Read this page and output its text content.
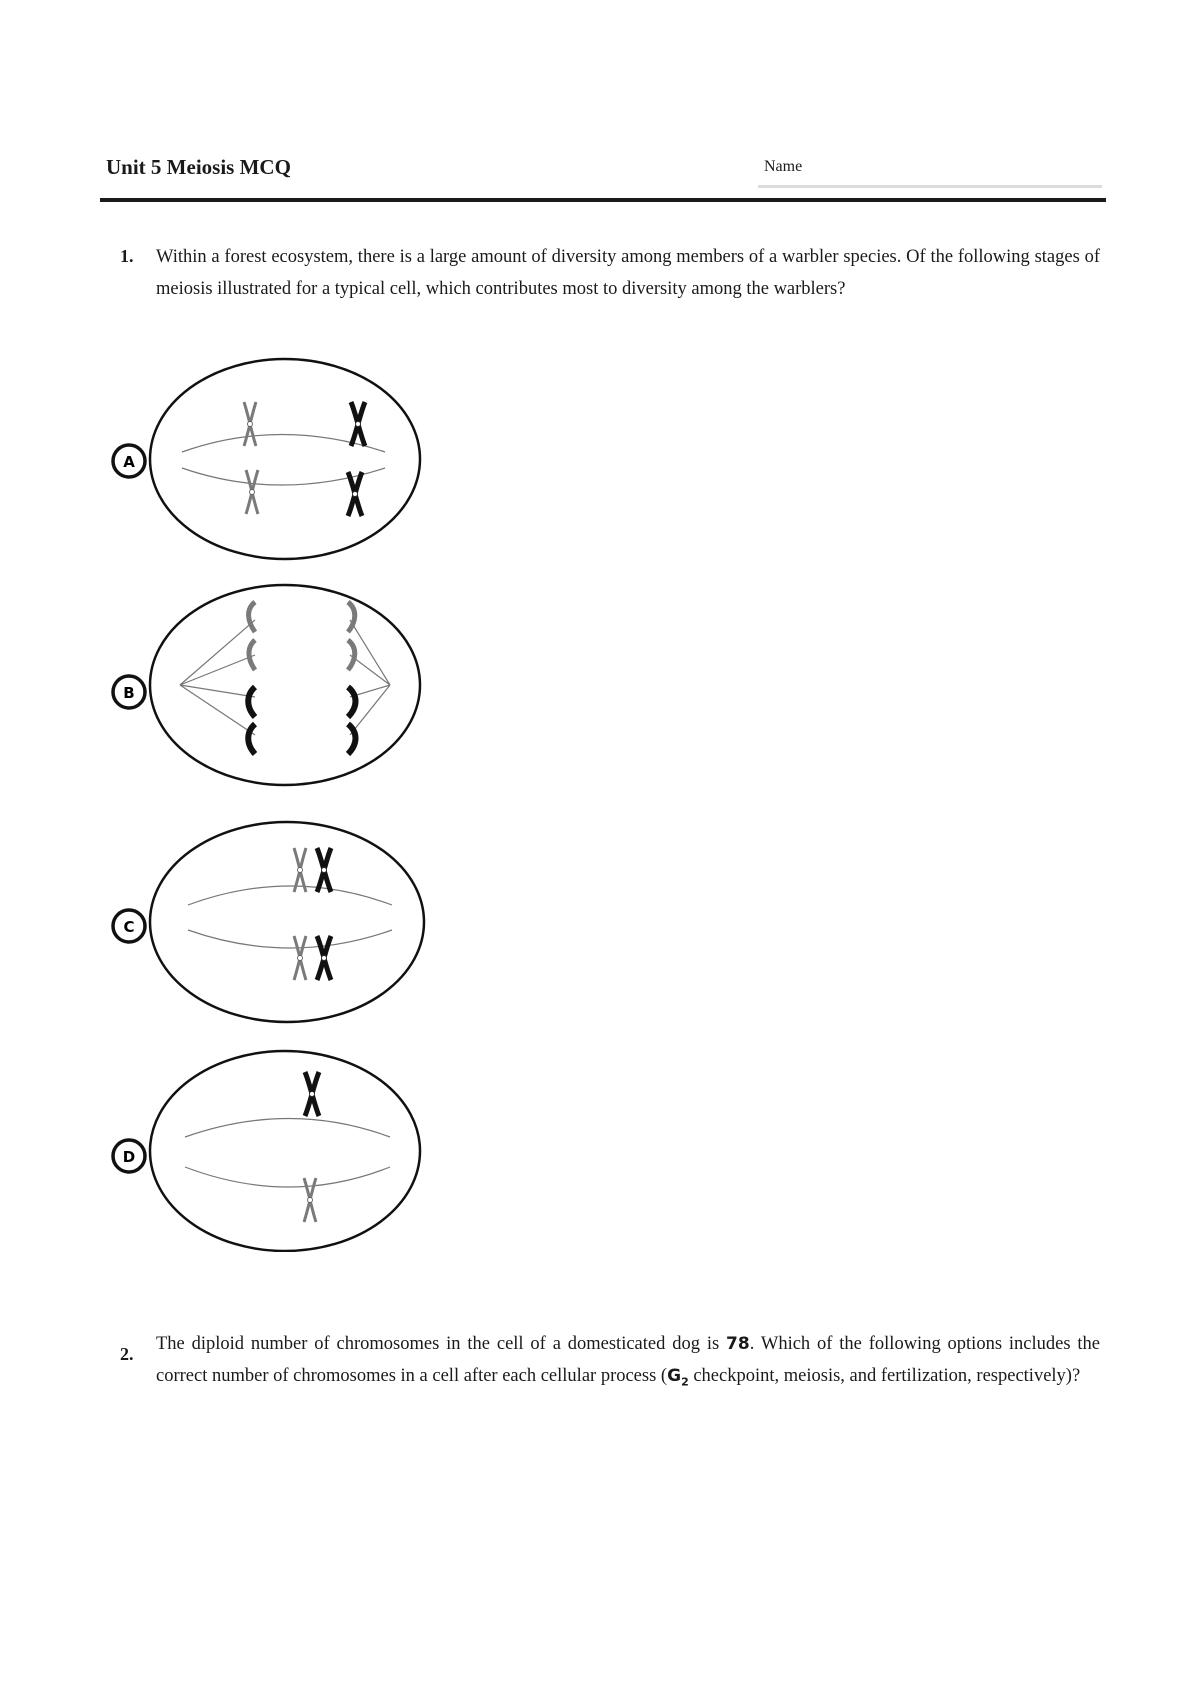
Unit 5 Meiosis MCQ	Name
1. Within a forest ecosystem, there is a large amount of diversity among members of a warbler species. Of the following stages of meiosis illustrated for a typical cell, which contributes most to diversity among the warblers?
A
B
C
D
2. The diploid number of chromosomes in the cell of a domesticated dog is 78. Which of the following options includes the correct number of chromosomes in a cell after each cellular process ($G_2$ checkpoint, meiosis, and fertilization, respectively)?
